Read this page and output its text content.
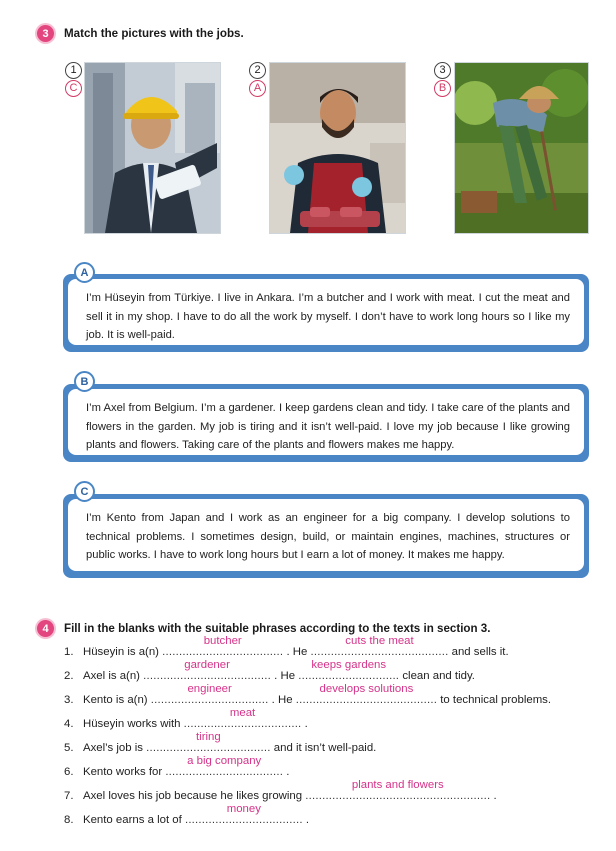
3	Match the pictures with the jobs.
1
C
2
A
3
B
I’m Hüseyin from Türkiye. I live in Ankara. I’m a butcher and I work with meat. I cut the meat and sell it in my shop. I have to do all the work by myself. I don’t have to work long hours so I like my job. It is well-paid.
A
I’m Axel from Belgium. I’m a gardener. I keep gardens clean and tidy. I take care of the plants and flowers in the garden. My job is tiring and it isn’t well-paid. I love my job because I like growing plants and flowers. Taking care of the plants and flowers makes me happy.
B
I’m Kento from Japan and I work as an engineer for a big company. I develop solutions to technical problems. I sometimes design, build, or maintain engines, machines, structures or public works. I have to work long hours but I earn a lot of money. It makes me happy.
C
4	Fill in the blanks with the suitable phrases according to the texts in section 3.
1. Hüseyin is a(n) ....................................
butcher
. He .........................................
cuts the meat
and sells it.
2. Axel is a(n) ......................................
gardener
. He ..............................
keeps gardens
clean and tidy.
3. Kento is a(n) ...................................
engineer
. He ..........................................
develops solutions
to technical problems.
4. Hüseyin works with ...................................
meat
.
5. Axel’s job is .....................................
tiring
and it isn’t well-paid.
6. Kento works for ...................................
a big company
.
7. Axel loves his job because he likes growing .......................................................
plants and flowers
.
8. Kento earns a lot of ...................................
money
.
